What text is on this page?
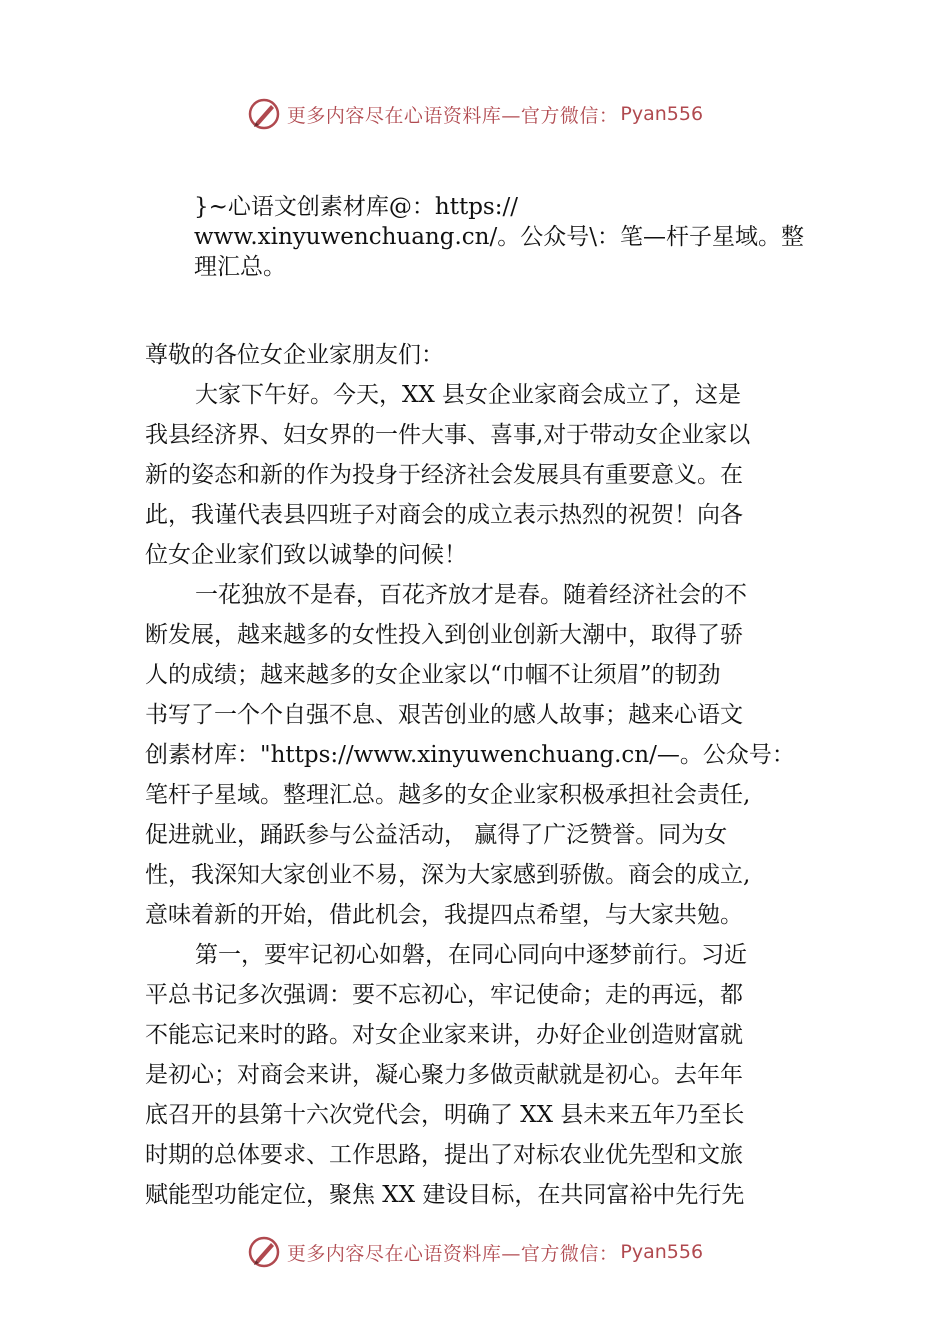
更多内容尽在心语资料库—官方微信： Pyan556
}~心语文创素材库@：https://
www.xinyuwenchuang.cn/。公众号\：笔—杆子星域。整
理汇总。
尊敬的各位女企业家朋友们：
大家下午好。今天，XX 县女企业家商会成立了，这是
我县经济界、妇女界的一件大事、喜事,对于带动女企业家以
新的姿态和新的作为投身于经济社会发展具有重要意义。在
此，我谨代表县四班子对商会的成立表示热烈的祝贺！向各
位女企业家们致以诚挚的问候！
一花独放不是春，百花齐放才是春。随着经济社会的不
断发展，越来越多的女性投入到创业创新大潮中，取得了骄
人的成绩；越来越多的女企业家以“巾帼不让须眉”的韧劲
书写了一个个自强不息、艰苦创业的感人故事；越来心语文
创素材库："https://www.xinyuwenchuang.cn/—。公众号：
笔杆子星域。整理汇总。越多的女企业家积极承担社会责任,
促进就业，踊跃参与公益活动， 赢得了广泛赞誉。同为女
性，我深知大家创业不易，深为大家感到骄傲。商会的成立,
意味着新的开始，借此机会，我提四点希望，与大家共勉。
第一，要牢记初心如磐，在同心同向中逐梦前行。习近
平总书记多次强调：要不忘初心，牢记使命；走的再远，都
不能忘记来时的路。对女企业家来讲，办好企业创造财富就
是初心；对商会来讲，凝心聚力多做贡献就是初心。去年年
底召开的县第十六次党代会，明确了 XX 县未来五年乃至长
时期的总体要求、工作思路，提出了对标农业优先型和文旅
赋能型功能定位，聚焦 XX 建设目标，在共同富裕中先行先
更多内容尽在心语资料库—官方微信： Pyan556
